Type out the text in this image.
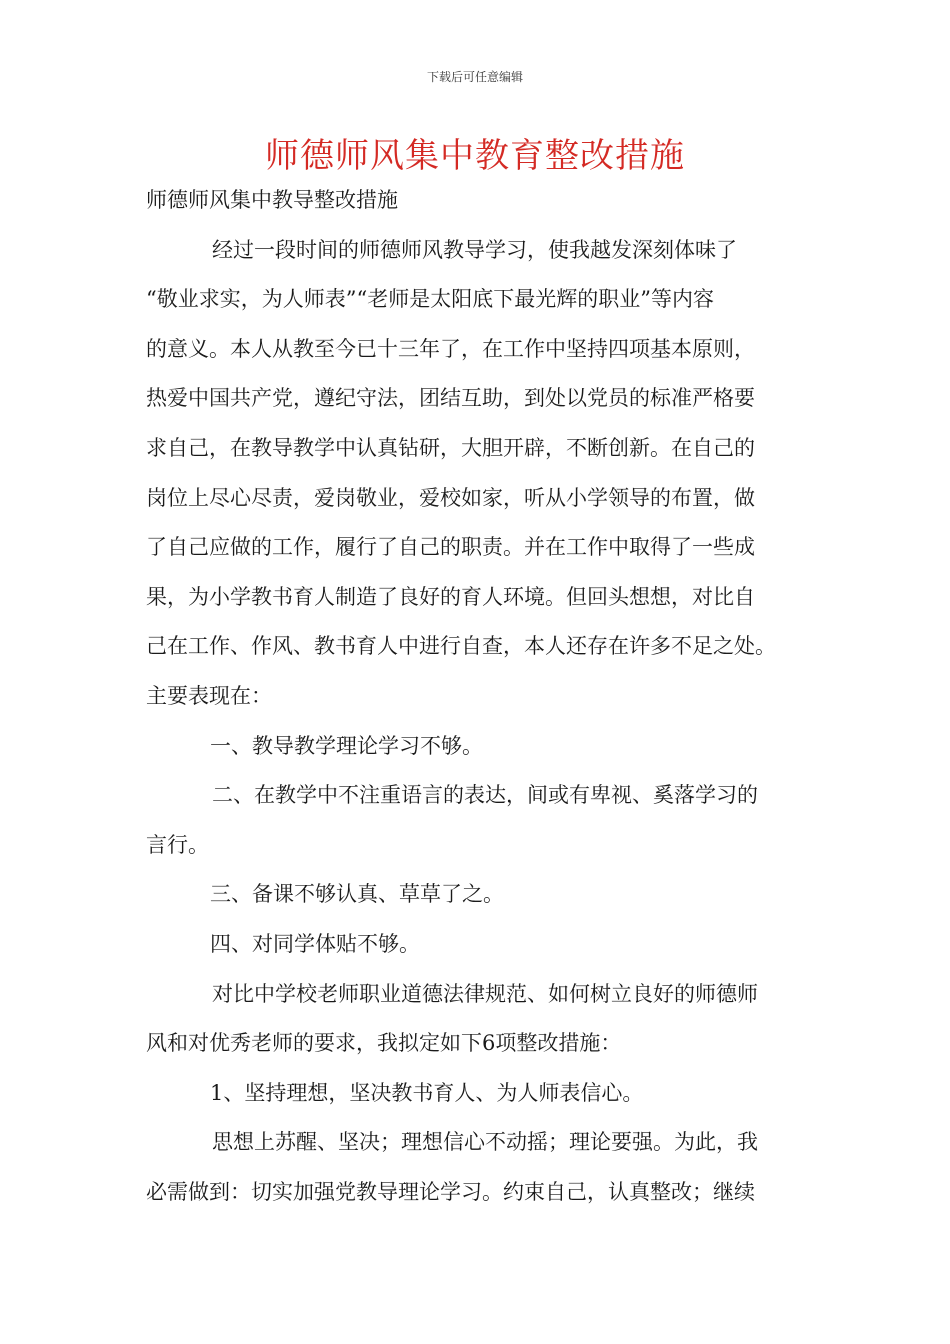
下载后可任意编辑
师德师风集中教育整改措施
师德师风集中教导整改措施
经过一段时间的师德师风教导学习，使我越发深刻体味了
“敬业求实，为人师表”“老师是太阳底下最光辉的职业”等内容
的意义。本人从教至今已十三年了，在工作中坚持四项基本原则，
热爱中国共产党，遵纪守法，团结互助，到处以党员的标准严格要
求自己，在教导教学中认真钻研，大胆开辟，不断创新。在自己的
岗位上尽心尽责，爱岗敬业，爱校如家，听从小学领导的布置，做
了自己应做的工作，履行了自己的职责。并在工作中取得了一些成
果，为小学教书育人制造了良好的育人环境。但回头想想，对比自
己在工作、作风、教书育人中进行自查，本人还存在许多不足之处。
主要表现在：
一、教导教学理论学习不够。
二、在教学中不注重语言的表达，间或有卑视、奚落学习的
言行。
三、备课不够认真、草草了之。
四、对同学体贴不够。
对比中学校老师职业道德法律规范、如何树立良好的师德师
风和对优秀老师的要求，我拟定如下6项整改措施：
1、坚持理想，坚决教书育人、为人师表信心。
思想上苏醒、坚决；理想信心不动摇；理论要强。为此，我
必需做到：切实加强党教导理论学习。约束自己，认真整改；继续
